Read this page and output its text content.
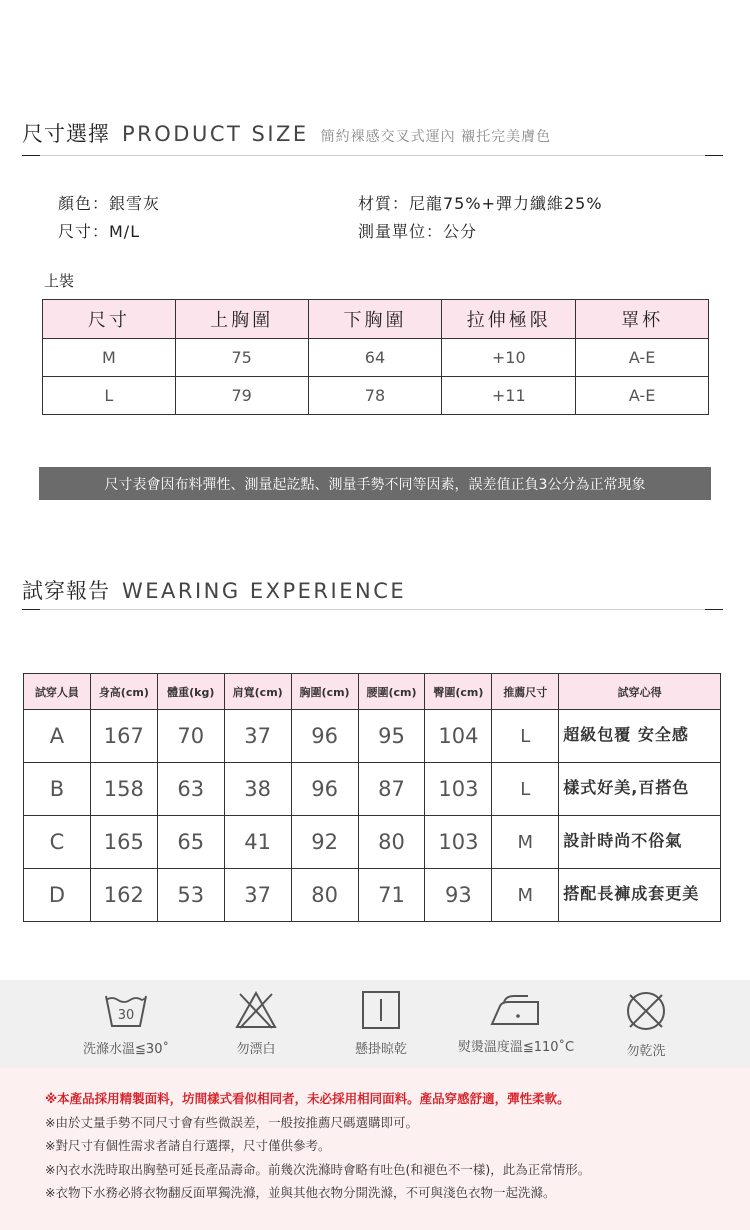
尺寸選擇 PRODUCT SIZE 簡約裸感交叉式運內 襯托完美膚色
顏色：銀雪灰
尺寸：M/L
材質：尼龍75%+彈力纖維25%
測量單位：公分
上裝
尺寸	上胸圍	下胸圍	拉伸極限	罩杯
M	75	64	+10	A-E
L	79	78	+11	A-E
尺寸表會因布料彈性、測量起訖點、測量手勢不同等因素，誤差值正負3公分為正常現象
試穿報告 WEARING EXPERIENCE
試穿人員	身高(cm)	體重(kg)	肩寬(cm)	胸圍(cm)	腰圍(cm)	臀圍(cm)	推薦尺寸	試穿心得
A	167	70	37	96	95	104	L	超級包覆 安全感
B	158	63	38	96	87	103	L	樣式好美,百搭色
C	165	65	41	92	80	103	M	設計時尚不俗氣
D	162	53	37	80	71	93	M	搭配長褲成套更美
30
洗滌水溫≦30˚	勿漂白	懸掛晾乾	熨燙溫度溫≦110˚C	勿乾洗

※本產品採用精製面料，坊間樣式看似相同者，未必採用相同面料。產品穿感舒適，彈性柔軟。

※由於丈量手勢不同尺寸會有些微誤差，一般按推薦尺碼選購即可。

※對尺寸有個性需求者請自行選擇，尺寸僅供參考。

※內衣水洗時取出胸墊可延長產品壽命。前幾次洗滌時會略有吐色(和褪色不一樣)，此為正常情形。

※衣物下水務必將衣物翻反面單獨洗滌，並與其他衣物分開洗滌，不可與淺色衣物一起洗滌。
